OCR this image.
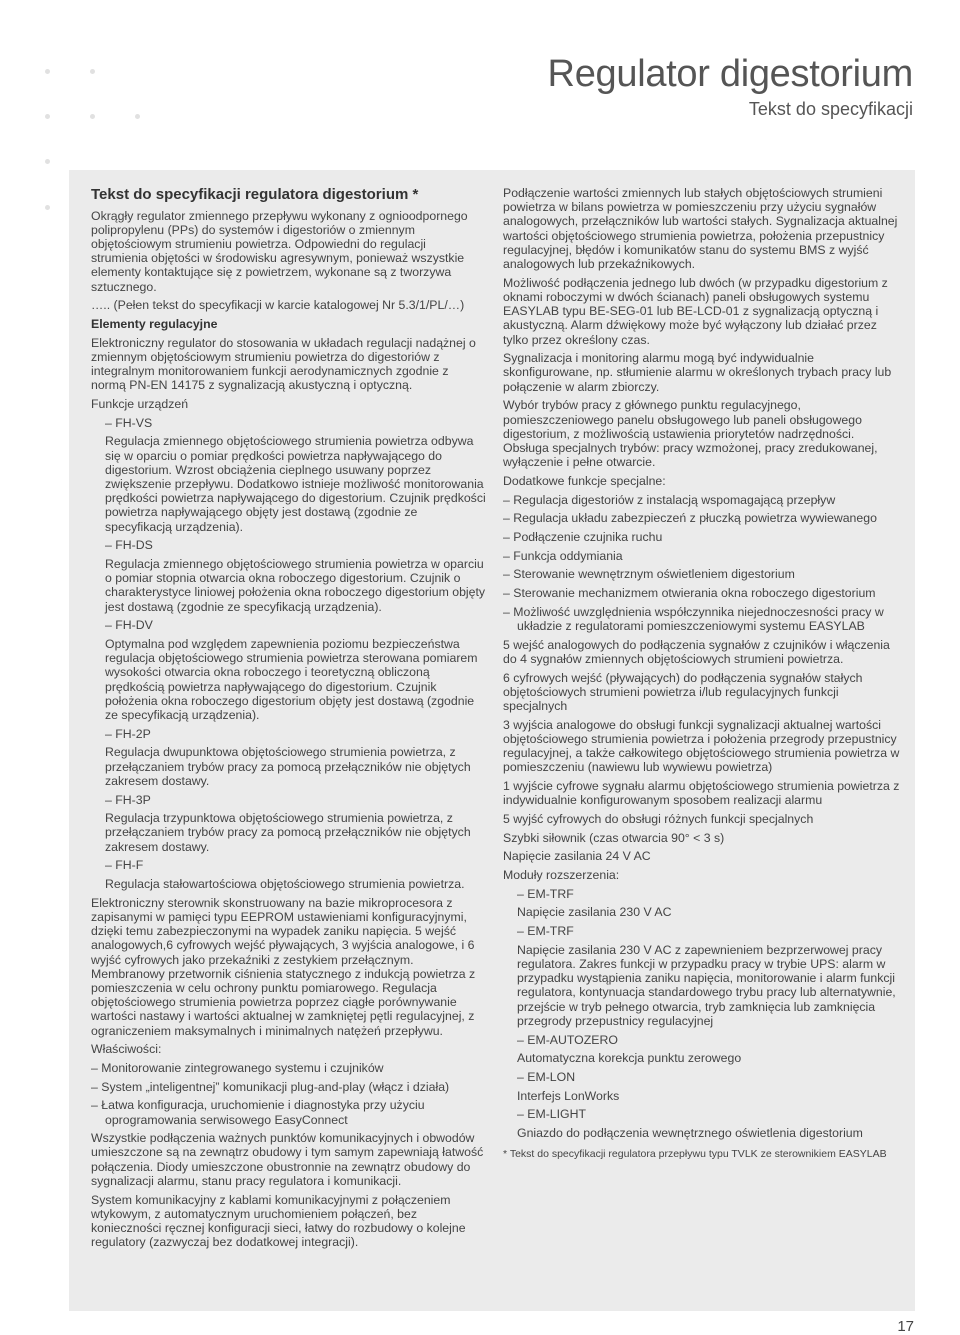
Regulator digestorium
Tekst do specyfikacji

Tekst do specyfikacji regulatora digestorium *

Okrągły regulator zmiennego przepływu wykonany z ognioodpornego polipropylenu (PPs) do systemów i digestoriów o zmiennym objętościowym strumieniu powietrza. Odpowiedni do regulacji strumienia objętości w środowisku agresywnym, ponieważ wszystkie elementy kontaktujące się z powietrzem, wykonane są z tworzywa sztucznego.

….. (Pełen tekst do specyfikacji w karcie katalogowej Nr 5.3/1/PL/…)

Elementy regulacyjne

Elektroniczny regulator do stosowania w układach regulacji nadążnej o zmiennym objętościowym strumieniu powietrza do digestoriów z integralnym monitorowaniem funkcji aerodynamicznych zgodnie z normą PN-EN 14175 z sygnalizacją akustyczną i optyczną.

Funkcje urządzeń

– FH-VS

Regulacja zmiennego objętościowego strumienia powietrza odbywa się w oparciu o pomiar prędkości powietrza napływającego do digestorium. Wzrost obciążenia cieplnego usuwany poprzez zwiększenie przepływu. Dodatkowo istnieje możliwość monitorowania prędkości powietrza napływającego do digestorium. Czujnik prędkości powietrza napływającego objęty jest dostawą (zgodnie ze specyfikacją urządzenia).

– FH-DS

Regulacja zmiennego objętościowego strumienia powietrza w oparciu o pomiar stopnia otwarcia okna roboczego digestorium. Czujnik o charakterystyce liniowej położenia okna roboczego digestorium objęty jest dostawą (zgodnie ze specyfikacją urządzenia).

– FH-DV

Optymalna pod względem zapewnienia poziomu bezpieczeństwa regulacja objętościowego strumienia powietrza sterowana pomiarem wysokości otwarcia okna roboczego i teoretyczną obliczoną prędkością powietrza napływającego do digestorium. Czujnik położenia okna roboczego digestorium objęty jest dostawą (zgodnie ze specyfikacją urządzenia).

– FH-2P

Regulacja dwupunktowa objętościowego strumienia powietrza, z przełączaniem trybów pracy za pomocą przełączników nie objętych zakresem dostawy.

– FH-3P

Regulacja trzypunktowa objętościowego strumienia powietrza, z przełączaniem trybów pracy za pomocą przełączników nie objętych zakresem dostawy.

– FH-F

Regulacja stałowartościowa objętościowego strumienia powietrza.

Elektroniczny sterownik skonstruowany na bazie mikroprocesora z zapisanymi w pamięci typu EEPROM ustawieniami konfiguracyjnymi, dzięki temu zabezpieczonymi na wypadek zaniku napięcia. 5 wejść analogowych,6 cyfrowych wejść pływających, 3 wyjścia analogowe, i 6 wyjść cyfrowych jako przekaźniki z zestykiem przełącznym. Membranowy przetwornik ciśnienia statycznego z indukcją powietrza z pomieszczenia w celu ochrony punktu pomiarowego. Regulacja objętościowego strumienia powietrza poprzez ciągłe porównywanie wartości nastawy i wartości aktualnej w zamkniętej pętli regulacyjnej, z ograniczeniem maksymalnych i minimalnych natężeń przepływu.

Właściwości:

– Monitorowanie zintegrowanego systemu i czujników

– System „inteligentnej” komunikacji plug-and-play (włącz i działa)

– Łatwa konfiguracja, uruchomienie i diagnostyka przy użyciu oprogramowania serwisowego EasyConnect

Wszystkie podłączenia ważnych punktów komunikacyjnych i obwodów umieszczone są na zewnątrz obudowy i tym samym zapewniają łatwość połączenia. Diody umieszczone obustronnie na zewnątrz obudowy do sygnalizacji alarmu, stanu pracy regulatora i komunikacji.

System komunikacyjny z kablami komunikacyjnymi z połączeniem wtykowym, z automatycznym uruchomieniem połączeń, bez konieczności ręcznej konfiguracji sieci, łatwy do rozbudowy o kolejne regulatory (zazwyczaj bez dodatkowej integracji).

Podłączenie wartości zmiennych lub stałych objętościowych strumieni powietrza w bilans powietrza w pomieszczeniu przy użyciu sygnałów analogowych, przełączników lub wartości stałych. Sygnalizacja aktualnej wartości objętościowego strumienia powietrza, położenia przepustnicy regulacyjnej, błędów i komunikatów stanu do systemu BMS z wyjść analogowych lub przekaźnikowych.

Możliwość podłączenia jednego lub dwóch (w przypadku digestorium z oknami roboczymi w dwóch ścianach) paneli obsługowych systemu EASYLAB typu BE-SEG-01 lub BE-LCD-01 z sygnalizacją optyczną i akustyczną. Alarm dźwiękowy może być wyłączony lub działać przez tylko przez określony czas.

Sygnalizacja i monitoring alarmu mogą być indywidualnie skonfigurowane, np. stłumienie alarmu w określonych trybach pracy lub połączenie w alarm zbiorczy.

Wybór trybów pracy z głównego punktu regulacyjnego, pomieszczeniowego panelu obsługowego lub paneli obsługowego digestorium, z możliwością ustawienia priorytetów nadrzędności. Obsługa specjalnych trybów: pracy wzmożonej, pracy zredukowanej, wyłączenie i pełne otwarcie.

Dodatkowe funkcje specjalne:

– Regulacja digestoriów z instalacją wspomagającą przepływ

– Regulacja układu zabezpieczeń z płuczką powietrza wywiewanego

– Podłączenie czujnika ruchu

– Funkcja oddymiania

– Sterowanie wewnętrznym oświetleniem digestorium

– Sterowanie mechanizmem otwierania okna roboczego digestorium

– Możliwość uwzględnienia współczynnika niejednoczesności pracy w układzie z regulatorami pomieszczeniowymi systemu EASYLAB

5 wejść analogowych do podłączenia sygnałów z czujników i włączenia do 4 sygnałów zmiennych objętościowych strumieni powietrza.

6 cyfrowych wejść (pływających) do podłączenia sygnałów stałych objętościowych strumieni powietrza i/lub regulacyjnych funkcji specjalnych

3 wyjścia analogowe do obsługi funkcji sygnalizacji aktualnej wartości objętościowego strumienia powietrza i położenia przegrody przepustnicy regulacyjnej, a także całkowitego objętościowego strumienia powietrza w pomieszczeniu (nawiewu lub wywiewu powietrza)

1 wyjście cyfrowe sygnału alarmu objętościowego strumienia powietrza z indywidualnie konfigurowanym sposobem realizacji alarmu

5 wyjść cyfrowych do obsługi różnych funkcji specjalnych

Szybki siłownik (czas otwarcia 90° < 3 s)

Napięcie zasilania 24 V AC

Moduły rozszerzenia:

– EM-TRF

Napięcie zasilania 230 V AC

– EM-TRF

Napięcie zasilania 230 V AC z zapewnieniem bezprzerwowej pracy regulatora. Zakres funkcji w przypadku pracy w trybie UPS: alarm w przypadku wystąpienia zaniku napięcia, monitorowanie i alarm funkcji regulatora, kontynuacja standardowego trybu pracy lub alternatywnie, przejście w tryb pełnego otwarcia, tryb zamknięcia lub zamknięcia przegrody przepustnicy regulacyjnej

– EM-AUTOZERO

Automatyczna korekcja punktu zerowego

– EM-LON

Interfejs LonWorks

– EM-LIGHT

Gniazdo do podłączenia wewnętrznego oświetlenia digestorium

* Tekst do specyfikacji regulatora przepływu typu TVLK ze sterownikiem EASYLAB

17
